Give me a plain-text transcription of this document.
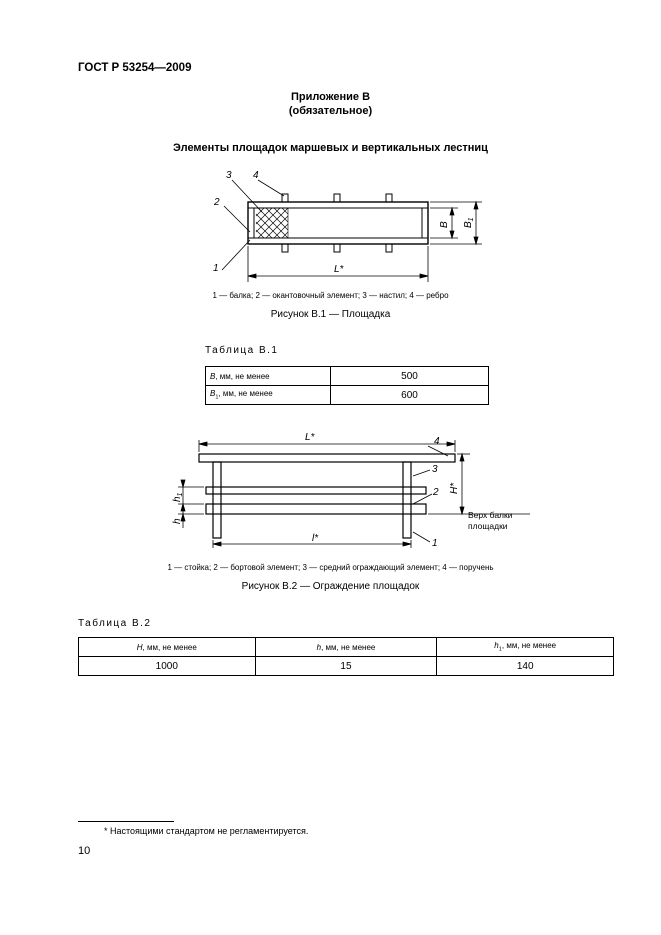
ГОСТ Р 53254—2009
Приложение В
(обязательное)
Элементы площадок маршевых и вертикальных лестниц
1
2
3 4
L*
B $B_1$
1 — балка; 2 — окантовочный элемент; 3 — настил; 4 — ребро
Рисунок В.1 — Площадка
Таблица В.1
B, мм, не менее	500
$B_1$, мм, не менее	600
4
3
2
1
L*
l*
H*
$h_1$
h
Верх балки
площадки
1 — стойка; 2 — бортовой элемент; 3 — средний ограждающий элемент; 4 — поручень
Рисунок В.2 — Ограждение площадок
Таблица В.2
H, мм, не менее	h, мм, не менее	$h_1$, мм, не менее
1000	15	140
* Настоящими стандартом не регламентируется.
10
